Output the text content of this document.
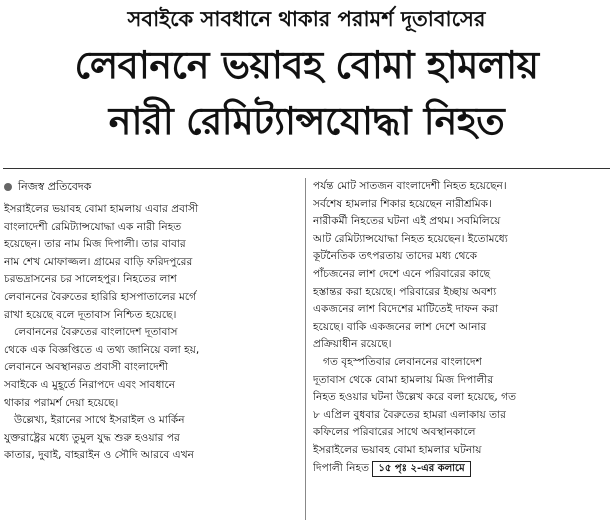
সবাইকে সাবধানে থাকার পরামর্শ দূতাবাসের
লেবাননে ভয়াবহ বোমা হামলায়
নারী রেমিট্যান্সযোদ্ধা নিহত
নিজস্ব প্রতিবেদক
ইসরাইলের ভয়াবহ বোমা হামলায় এবার প্রবাসী
বাংলাদেশী রেমিট্যান্সযোদ্ধা এক নারী নিহত
হয়েছেন। তার নাম মিজ দিপালী। তার বাবার
নাম শেখ মোফাজ্জল। গ্রামের বাড়ি ফরিদপুরের
চরভদ্রাসনের চর সালেহপুর। নিহতের লাশ
লেবাননের বৈরুতের হারিরি হাসপাতালের মর্গে
রাখা হয়েছে বলে দূতাবাস নিশ্চিত হয়েছে।
লেবাননের বৈরুতের বাংলাদেশ দূতাবাস
থেকে এক বিজ্ঞপ্তিতে এ তথ্য জানিয়ে বলা হয়,
লেবাননে অবস্থানরত প্রবাসী বাংলাদেশী
সবাইকে এ মুহূর্তে নিরাপদে এবং সাবধানে
থাকার পরামর্শ দেয়া হয়েছে।
উল্লেখ্য, ইরানের সাথে ইসরাইল ও মার্কিন
যুক্তরাষ্ট্রের মধ্যে তুমুল যুদ্ধ শুরু হওয়ার পর
কাতার, দুবাই, বাহরাইন ও সৌদি আরবে এখন
পর্যন্ত মোট সাতজন বাংলাদেশী নিহত হয়েছেন।
সর্বশেষ হামলার শিকার হয়েছেন নারীশ্রমিক।
নারীকর্মী নিহতের ঘটনা এই প্রথম। সবমিলিয়ে
আট রেমিট্যান্সযোদ্ধা নিহত হয়েছেন। ইতোমধ্যে
কূটনৈতিক তৎপরতায় তাদের মধ্য থেকে
পাঁচজনের লাশ দেশে এনে পরিবারের কাছে
হস্তান্তর করা হয়েছে। পরিবারের ইচ্ছায় অবশ্য
একজনের লাশ বিদেশের মাটিতেই দাফন করা
হয়েছে। বাকি একজনের লাশ দেশে আনার
প্রক্রিয়াধীন রয়েছে।
গত বৃহস্পতিবার লেবাননের বাংলাদেশ
দূতাবাস থেকে বোমা হামলায় মিজ দিপালীর
নিহত হওয়ার ঘটনা উল্লেখ করে বলা হয়েছে, গত
৮ এপ্রিল বুধবার বৈরুতের হামরা এলাকায় তার
কফিলের পরিবারের সাথে অবস্থানকালে
ইসরাইলের ভয়াবহ বোমা হামলার ঘটনায়
দিপালী নিহত ১৫ পৃঃ ২-এর কলামে
